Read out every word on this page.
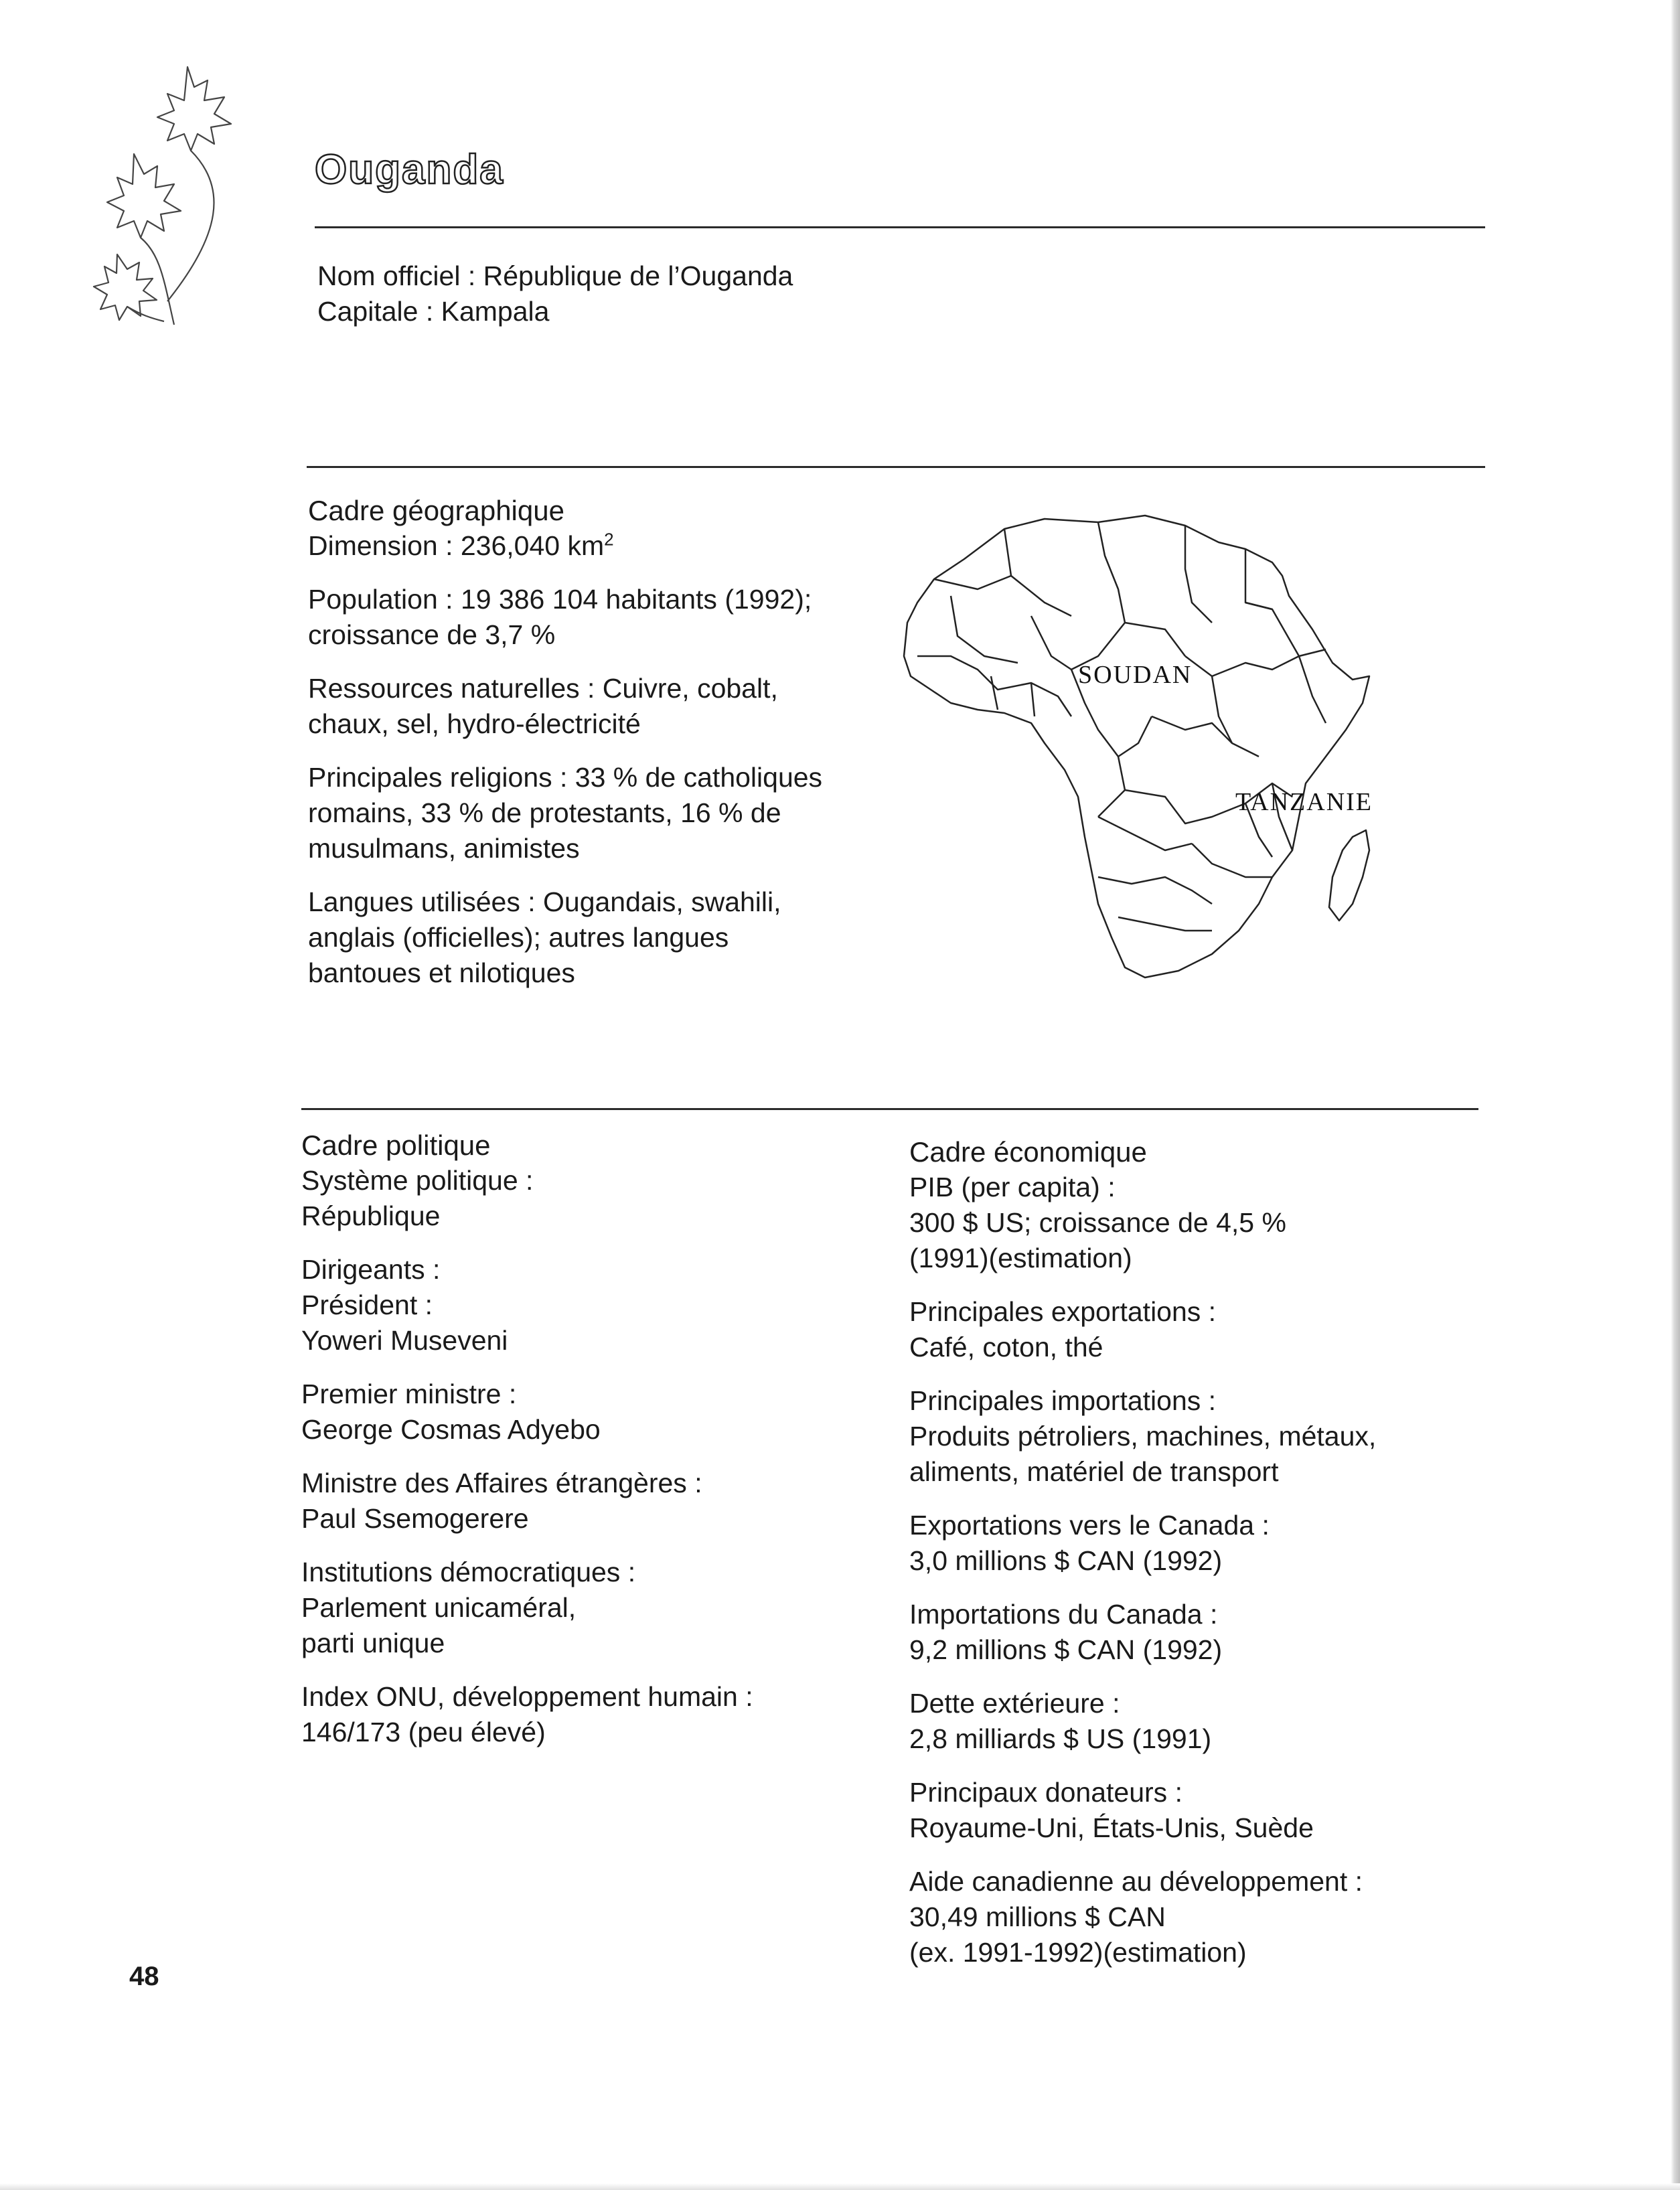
Ouganda
Nom officiel : République de l’Ouganda
Capitale : Kampala
Cadre géographique
Dimension : 236,040 $km^2$
Population : 19 386 104 habitants (1992);
croissance de 3,7 %
Ressources naturelles : Cuivre, cobalt,
chaux, sel, hydro-électricité
Principales religions : 33 % de catholiques
romains, 33 % de protestants, 16 % de
musulmans, animistes
Langues utilisées : Ougandais, swahili,
anglais (officielles); autres langues
bantoues et nilotiques
SOUDAN
TANZANIE
Cadre politique
Système politique :
République
Dirigeants :
Président :
Yoweri Museveni
Premier ministre :
George Cosmas Adyebo
Ministre des Affaires étrangères :
Paul Ssemogerere
Institutions démocratiques :
Parlement unicaméral,
parti unique
Index ONU, développement humain :
146/173 (peu élevé)
Cadre économique
PIB (per capita) :
300 $ US; croissance de 4,5 %
(1991)(estimation)
Principales exportations :
Café, coton, thé
Principales importations :
Produits pétroliers, machines, métaux,
aliments, matériel de transport
Exportations vers le Canada :
3,0 millions $ CAN (1992)
Importations du Canada :
9,2 millions $ CAN (1992)
Dette extérieure :
2,8 milliards $ US (1991)
Principaux donateurs :
Royaume-Uni, États-Unis, Suède
Aide canadienne au développement :
30,49 millions $ CAN
(ex. 1991-1992)(estimation)
48
